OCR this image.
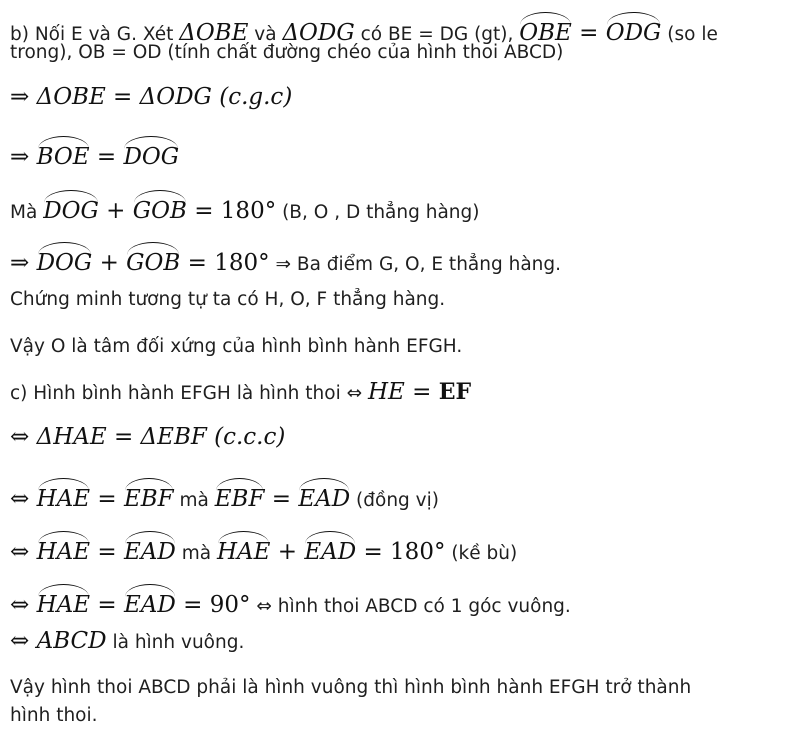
b) Nối E và G. Xét ΔOBE và ΔODG có BE = DG (gt), OBE = ODG (so le
trong), OB = OD (tính chất đường chéo của hình thoi ABCD)
⇒ ΔOBE = ΔODG (c.g.c)
⇒ BOE = DOG
Mà DOG + GOB = 180° (B, O , D thẳng hàng)
⇒ DOG + GOB = 180° ⇒ Ba điểm G, O, E thẳng hàng.
Chứng minh tương tự ta có H, O, F thẳng hàng.
Vậy O là tâm đối xứng của hình bình hành EFGH.
c) Hình bình hành EFGH là hình thoi ⇔ HE = EF
⇔ ΔHAE = ΔEBF (c.c.c)
⇔ HAE = EBF mà EBF = EAD (đồng vị)
⇔ HAE = EAD mà HAE + EAD = 180° (kề bù)
⇔ HAE = EAD = 90° ⇔ hình thoi ABCD có 1 góc vuông.
⇔ ABCD là hình vuông.
Vậy hình thoi ABCD phải là hình vuông thì hình bình hành EFGH trở thành
hình thoi.
